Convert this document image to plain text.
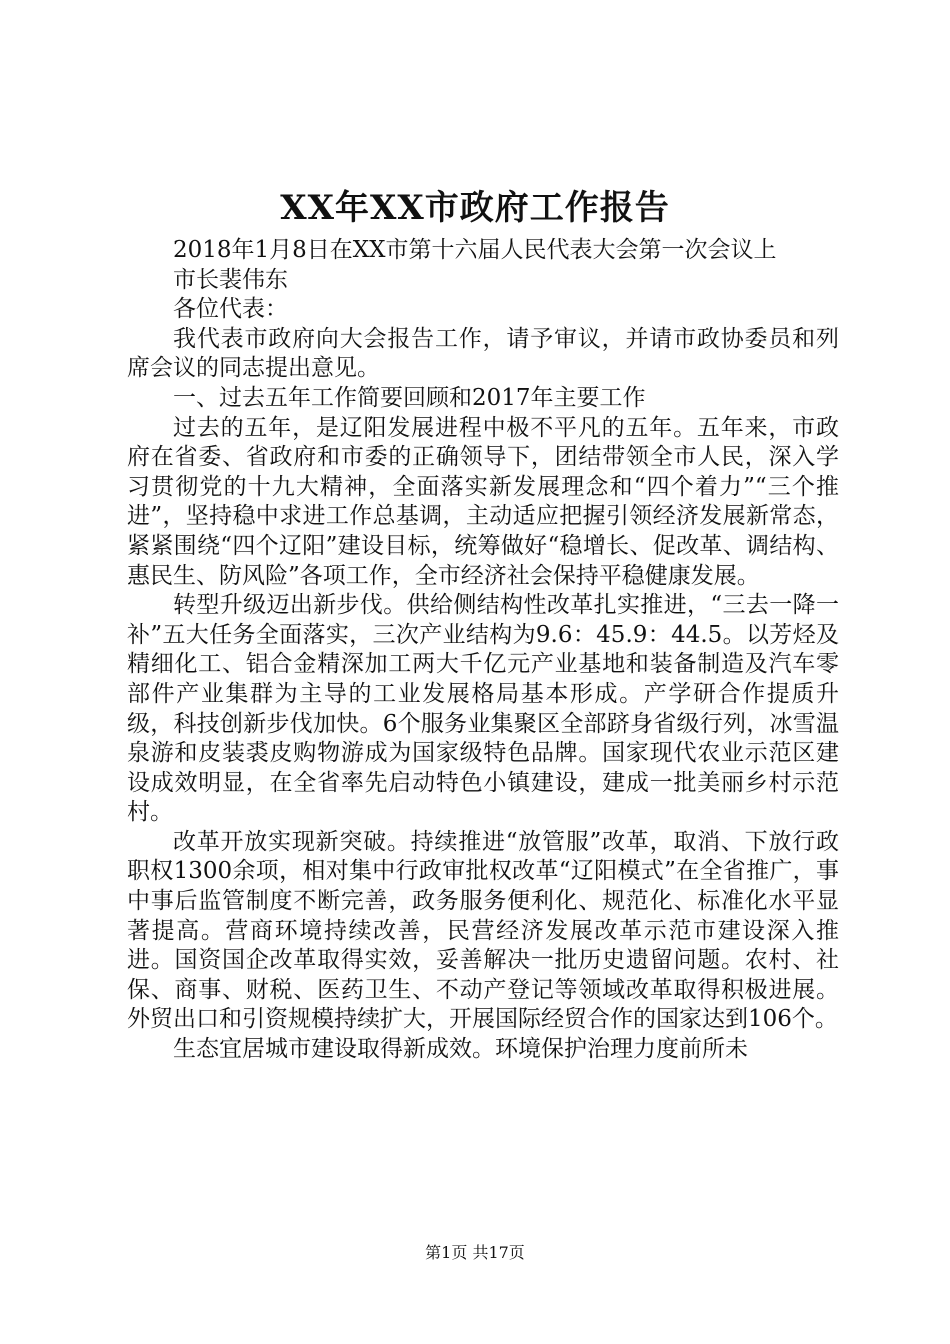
XX年XX市政府工作报告

2018年1月8日在XX市第十六届人民代表大会第一次会议上

市长裴伟东

各位代表：

我代表市政府向大会报告工作，请予审议，并请市政协委员和列席会议的同志提出意见。

一、过去五年工作简要回顾和2017年主要工作

过去的五年，是辽阳发展进程中极不平凡的五年。五年来，市政府在省委、省政府和市委的正确领导下，团结带领全市人民，深入学习贯彻党的十九大精神，全面落实新发展理念和“四个着力”“三个推进”，坚持稳中求进工作总基调，主动适应把握引领经济发展新常态，紧紧围绕“四个辽阳”建设目标，统筹做好“稳增长、促改革、调结构、惠民生、防风险”各项工作，全市经济社会保持平稳健康发展。

转型升级迈出新步伐。供给侧结构性改革扎实推进，“三去一降一补”五大任务全面落实，三次产业结构为9.6：45.9：44.5。以芳烃及精细化工、铝合金精深加工两大千亿元产业基地和装备制造及汽车零部件产业集群为主导的工业发展格局基本形成。产学研合作提质升级，科技创新步伐加快。6个服务业集聚区全部跻身省级行列，冰雪温泉游和皮装裘皮购物游成为国家级特色品牌。国家现代农业示范区建设成效明显，在全省率先启动特色小镇建设，建成一批美丽乡村示范村。

改革开放实现新突破。持续推进“放管服”改革，取消、下放行政职权1300余项，相对集中行政审批权改革“辽阳模式”在全省推广，事中事后监管制度不断完善，政务服务便利化、规范化、标准化水平显著提高。营商环境持续改善，民营经济发展改革示范市建设深入推进。国资国企改革取得实效，妥善解决一批历史遗留问题。农村、社保、商事、财税、医药卫生、不动产登记等领域改革取得积极进展。外贸出口和引资规模持续扩大，开展国际经贸合作的国家达到106个。

生态宜居城市建设取得新成效。环境保护治理力度前所未

第1页 共17页
